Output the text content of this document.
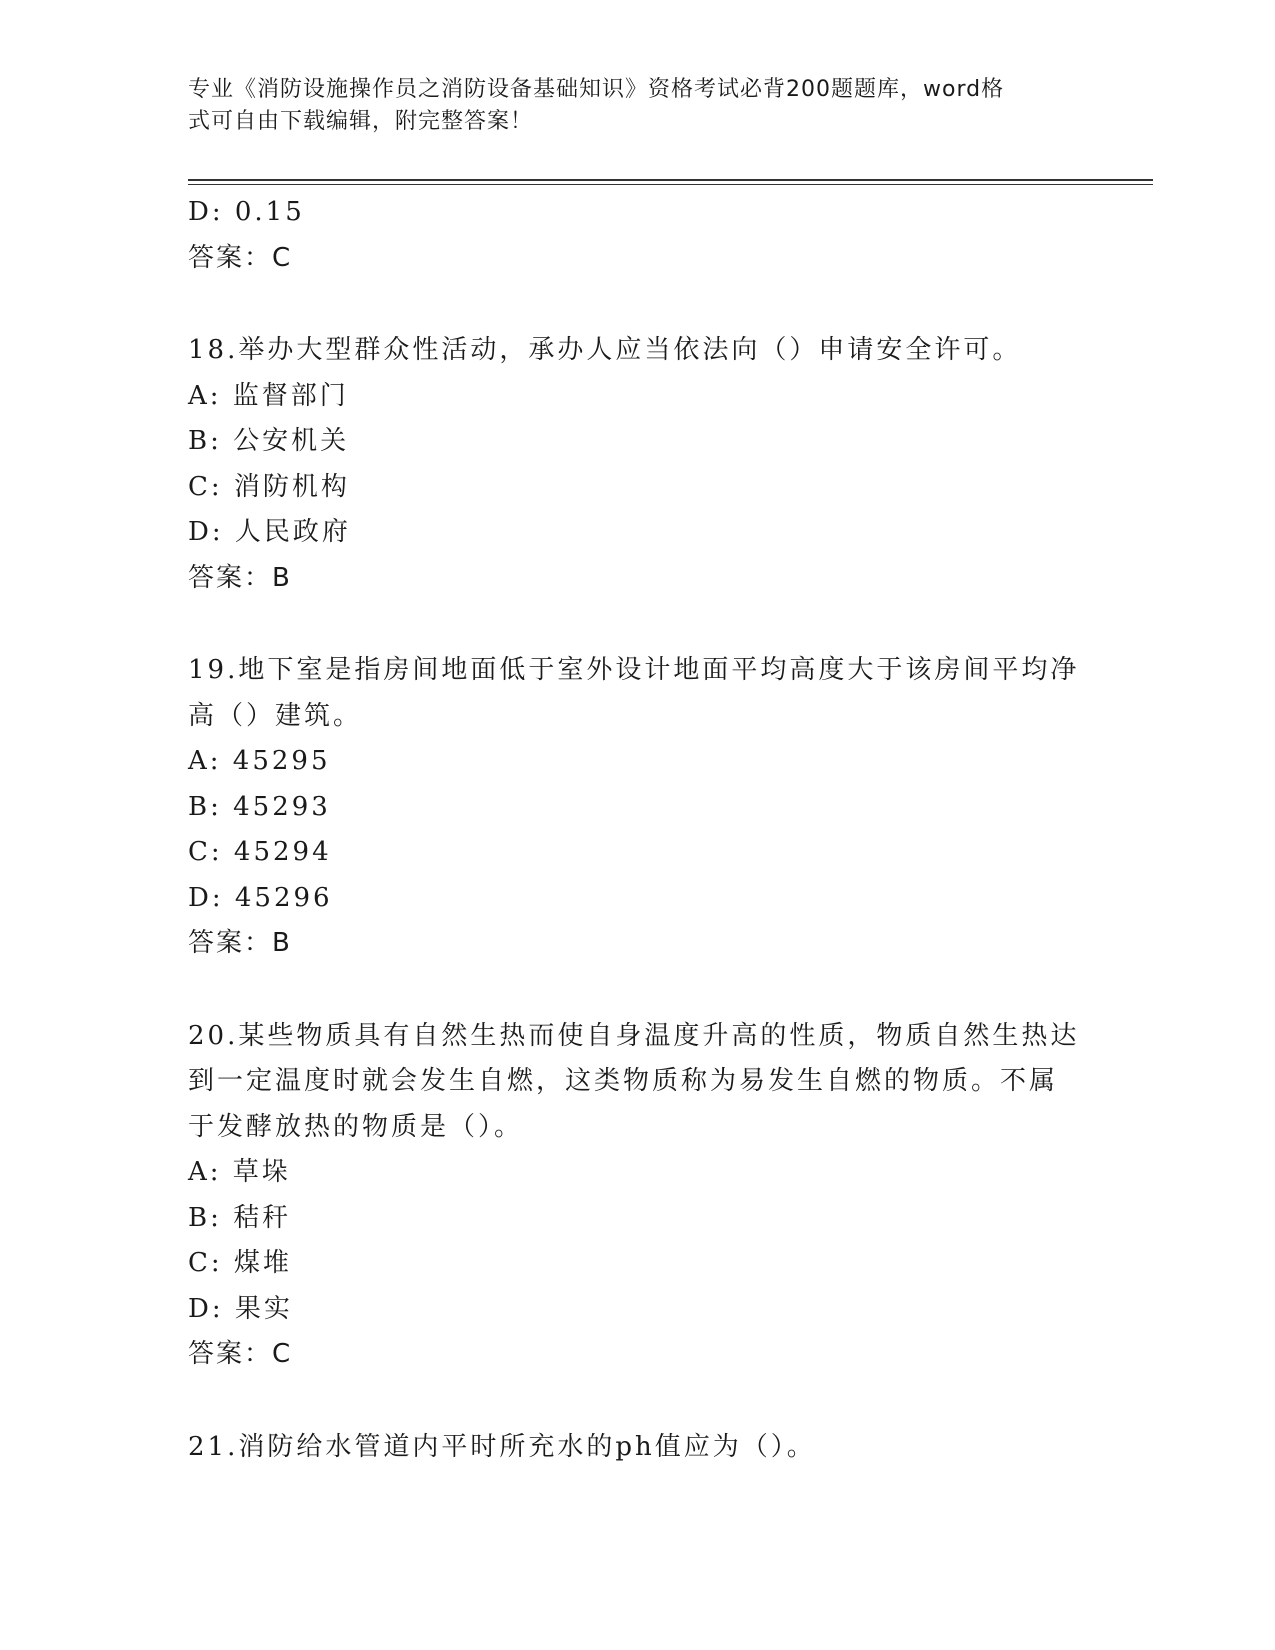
专业《消防设施操作员之消防设备基础知识》资格考试必背200题题库，word格
式可自由下载编辑，附完整答案！
D: 0.15
答案：C
18.举办大型群众性活动，承办人应当依法向（）申请安全许可。
A: 监督部门
B: 公安机关
C: 消防机构
D: 人民政府
答案：B
19.地下室是指房间地面低于室外设计地面平均高度大于该房间平均净
高（）建筑。
A: 45295
B: 45293
C: 45294
D: 45296
答案：B
20.某些物质具有自然生热而使自身温度升高的性质，物质自然生热达
到一定温度时就会发生自燃，这类物质称为易发生自燃的物质。不属
于发酵放热的物质是（）。
A: 草垛
B: 秸秆
C: 煤堆
D: 果实
答案：C
21.消防给水管道内平时所充水的ph值应为（）。
